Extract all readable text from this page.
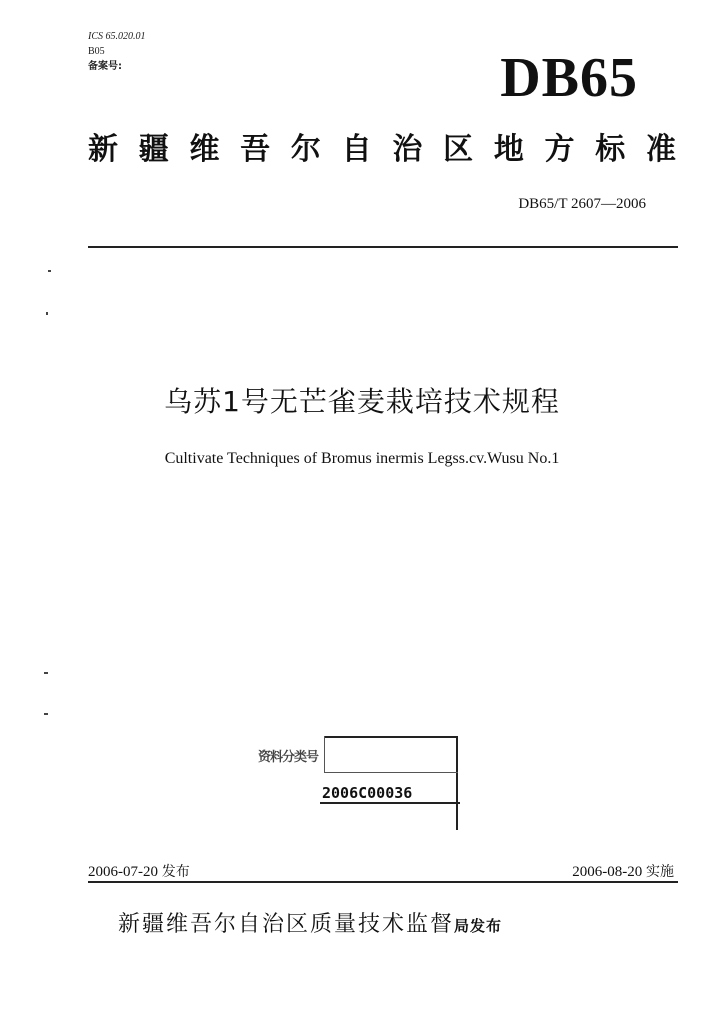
ICS 65.020.01
B05
备案号:	DB65
新疆维吾尔自治区地方标准
DB65/T 2607—2006
乌苏1号无芒雀麦栽培技术规程
Cultivate Techniques of Bromus inermis Legss.cv.Wusu No.1
资料分类号
2006C00036
2006-07-20 发布	2006-08-20 实施
新疆维吾尔自治区质量技术监督局发布
